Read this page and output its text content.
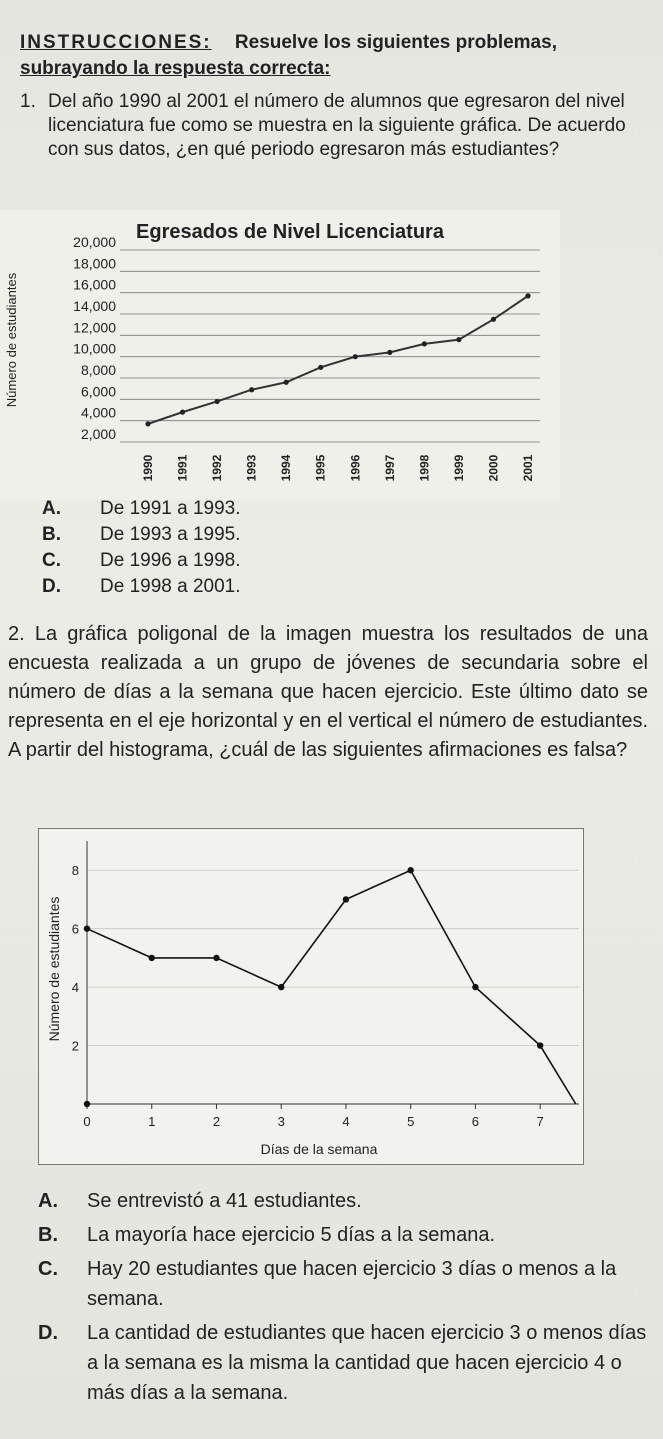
INSTRUCCIONES: Resuelve los siguientes problemas, subrayando la respuesta correcta:
1. Del año 1990 al 2001 el número de alumnos que egresaron del nivel licenciatura fue como se muestra en la siguiente gráfica. De acuerdo con sus datos, ¿en qué periodo egresaron más estudiantes?
Egresados de Nivel Licenciatura
Número de estudiantes
2,000
4,000
6,000
8,000
10,000
12,000
14,000
16,000
18,000
20,000
1990 1991 1992 1993 1994 1995 1996 1997 1998 1999 2000 2001
A.	De 1991 a 1993.
B.	De 1993 a 1995.
C.	De 1996 a 1998.
D.	De 1998 a 2001.
2. La gráfica poligonal de la imagen muestra los resultados de una encuesta realizada a un grupo de jóvenes de secundaria sobre el número de días a la semana que hacen ejercicio. Este último dato se representa en el eje horizontal y en el vertical el número de estudiantes. A partir del histograma, ¿cuál de las siguientes afirmaciones es falsa?
2
4
6
8
0	1	2	3	4	5	6	7
Número de estudiantes
Días de la semana
A.	Se entrevistó a 41 estudiantes.
B.	La mayoría hace ejercicio 5 días a la semana.
C.	Hay 20 estudiantes que hacen ejercicio 3 días o menos a la semana.
D.	La cantidad de estudiantes que hacen ejercicio 3 o menos días a la semana es la misma la cantidad que hacen ejercicio 4 o más días a la semana.
